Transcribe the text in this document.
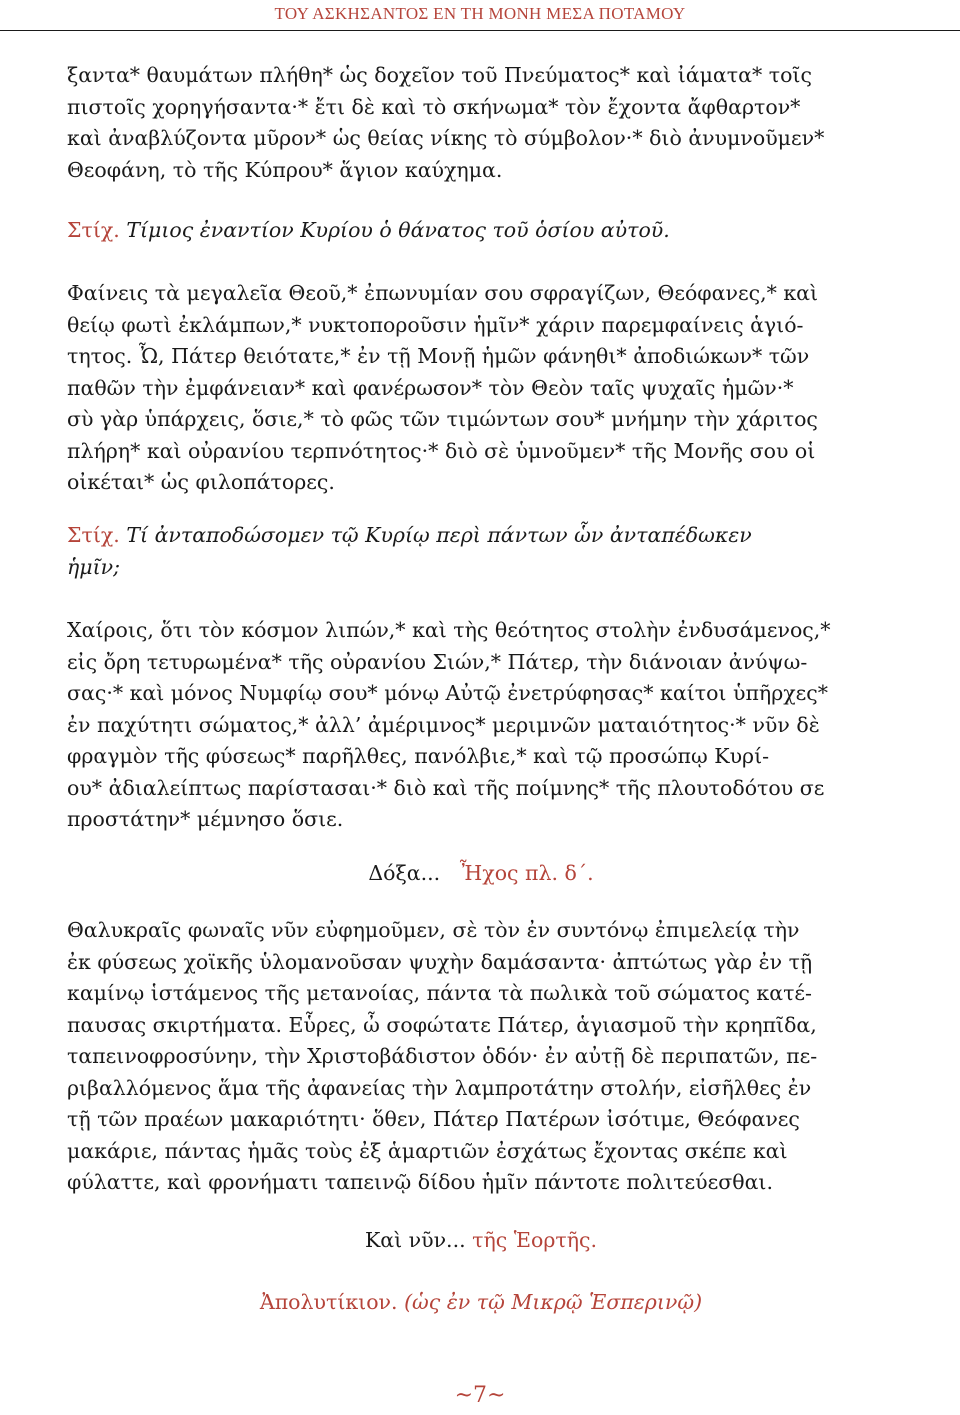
ΤΟΥ ΑΣΚΗΣΑΝΤΟΣ ΕΝ ΤΗ ΜΟΝΗ ΜΕΣΑ ΠΟΤΑΜΟΥ
ξαντα* θαυμάτων πλήθη* ὡς δοχεῖον τοῦ Πνεύματος* καὶ ἰάματα* τοῖς
πιστοῖς χορηγήσαντα·* ἔτι δὲ καὶ τὸ σκήνωμα* τὸν ἔχοντα ἄφθαρτον*
καὶ ἀναβλύζοντα μῦρον* ὡς θείας νίκης τὸ σύμβολον·* διὸ ἀνυμνοῦμεν*
Θεοφάνη, τὸ τῆς Κύπρου* ἅγιον καύχημα.
Στίχ. Τίμιος ἐναντίον Κυρίου ὁ θάνατος τοῦ ὁσίου αὐτοῦ.
Φαίνεις τὰ μεγαλεῖα Θεοῦ,* ἐπωνυμίαν σου σφραγίζων, Θεόφανες,* καὶ
θείῳ φωτὶ ἐκλάμπων,* νυκτοποροῦσιν ἡμῖν* χάριν παρεμφαίνεις ἁγιό-
τητος. Ὦ, Πάτερ θειότατε,* ἐν τῇ Μονῇ ἡμῶν φάνηθι* ἀποδιώκων* τῶν
παθῶν τὴν ἐμφάνειαν* καὶ φανέρωσον* τὸν Θεὸν ταῖς ψυχαῖς ἡμῶν·*
σὺ γὰρ ὑπάρχεις, ὅσιε,* τὸ φῶς τῶν τιμώντων σου* μνήμην τὴν χάριτος
πλήρη* καὶ οὐρανίου τερπνότητος·* διὸ σὲ ὑμνοῦμεν* τῆς Μονῆς σου οἱ
οἰκέται* ὡς φιλοπάτορες.
Στίχ. Τί ἀνταποδώσομεν τῷ Κυρίῳ περὶ πάντων ὧν ἀνταπέδωκεν
ἡμῖν;
Χαίροις, ὅτι τὸν κόσμον λιπών,* καὶ τὴς θεότητος στολὴν ἐνδυσάμενος,*
εἰς ὄρη τετυρωμένα* τῆς οὐρανίου Σιών,* Πάτερ, τὴν διάνοιαν ἀνύψω-
σας·* καὶ μόνος Νυμφίῳ σου* μόνῳ Αὐτῷ ἐνετρύφησας* καίτοι ὑπῆρχες*
ἐν παχύτητι σώματος,* ἀλλ’ ἀμέριμνος* μεριμνῶν ματαιότητος·* νῦν δὲ
φραγμὸν τῆς φύσεως* παρῆλθες, πανόλβιε,* καὶ τῷ προσώπῳ Κυρί-
ου* ἀδιαλείπτως παρίστασαι·* διὸ καὶ τῆς ποίμνης* τῆς πλουτοδότου σε
προστάτην* μέμνησο ὅσιε.
Δόξα... Ἦχος πλ. δ΄.
Θαλυκραῖς φωναῖς νῦν εὐφημοῦμεν, σὲ τὸν ἐν συντόνῳ ἐπιμελείᾳ τὴν
ἐκ φύσεως χοϊκῆς ὑλομανοῦσαν ψυχὴν δαμάσαντα· ἀπτώτως γὰρ ἐν τῇ
καμίνῳ ἱστάμενος τῆς μετανοίας, πάντα τὰ πωλικὰ τοῦ σώματος κατέ-
παυσας σκιρτήματα. Εὗρες, ὦ σοφώτατε Πάτερ, ἁγιασμοῦ τὴν κρηπῖδα,
ταπεινοφροσύνην, τὴν Χριστοβάδιστον ὁδόν· ἐν αὐτῇ δὲ περιπατῶν, πε-
ριβαλλόμενος ἅμα τῆς ἀφανείας τὴν λαμπροτάτην στολήν, εἰσῆλθες ἐν
τῇ τῶν πραέων μακαριότητι· ὅθεν, Πάτερ Πατέρων ἰσότιμε, Θεόφανες
μακάριε, πάντας ἡμᾶς τοὺς ἐξ ἁμαρτιῶν ἐσχάτως ἔχοντας σκέπε καὶ
φύλαττε, καὶ φρονήματι ταπεινῷ δίδου ἡμῖν πάντοτε πολιτεύεσθαι.
Καὶ νῦν... τῆς Ἑορτῆς.
Ἀπολυτίκιον. (ὡς ἐν τῷ Μικρῷ Ἑσπερινῷ)
~7~
